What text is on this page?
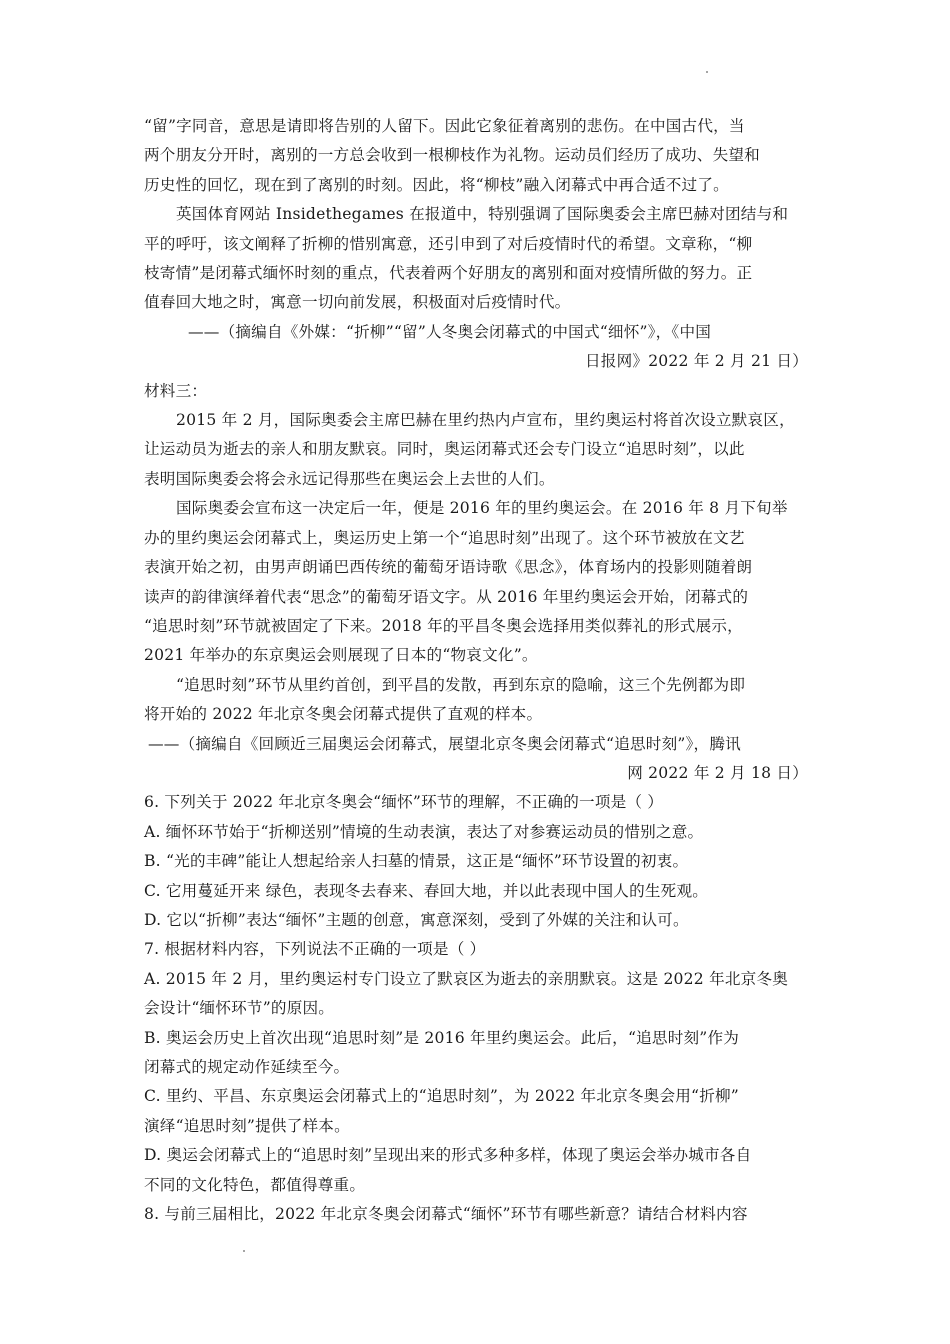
“留”字同音，意思是请即将告别的人留下。因此它象征着离别的悲伤。在中国古代，当
两个朋友分开时，离别的一方总会收到一根柳枝作为礼物。运动员们经历了成功、失望和
历史性的回忆，现在到了离别的时刻。因此，将“柳枝”融入闭幕式中再合适不过了。
英国体育网站 Insidethegames 在报道中，特别强调了国际奥委会主席巴赫对团结与和
平的呼吁，该文阐释了折柳的惜别寓意，还引申到了对后疫情时代的希望。文章称，“柳
枝寄情”是闭幕式缅怀时刻的重点，代表着两个好朋友的离别和面对疫情所做的努力。正
值春回大地之时，寓意一切向前发展，积极面对后疫情时代。
——（摘编自《外媒：“折柳”“留”人冬奥会闭幕式的中国式“细怀”》，《中国
日报网》2022 年 2 月 21 日）
材料三：
2015 年 2 月，国际奥委会主席巴赫在里约热内卢宣布，里约奥运村将首次设立默哀区，
让运动员为逝去的亲人和朋友默哀。同时，奥运闭幕式还会专门设立“追思时刻”，以此
表明国际奥委会将会永远记得那些在奥运会上去世的人们。
国际奥委会宣布这一决定后一年，便是 2016 年的里约奥运会。在 2016 年 8 月下旬举
办的里约奥运会闭幕式上，奥运历史上第一个“追思时刻”出现了。这个环节被放在文艺
表演开始之初，由男声朗诵巴西传统的葡萄牙语诗歌《思念》，体育场内的投影则随着朗
读声的韵律演绎着代表“思念”的葡萄牙语文字。从 2016 年里约奥运会开始，闭幕式的
“追思时刻”环节就被固定了下来。2018 年的平昌冬奥会选择用类似葬礼的形式展示，
2021 年举办的东京奥运会则展现了日本的“物哀文化”。
“追思时刻”环节从里约首创，到平昌的发散，再到东京的隐喻，这三个先例都为即
将开始的 2022 年北京冬奥会闭幕式提供了直观的样本。
——（摘编自《回顾近三届奥运会闭幕式，展望北京冬奥会闭幕式“追思时刻”》，腾讯
网 2022 年 2 月 18 日）
6. 下列关于 2022 年北京冬奥会“缅怀”环节的理解，不正确的一项是（ ）
A. 缅怀环节始于“折柳送别”情境的生动表演，表达了对参赛运动员的惜别之意。
B. “光的丰碑”能让人想起给亲人扫墓的情景，这正是“缅怀”环节设置的初衷。
C. 它用蔓延开来 绿色，表现冬去春来、春回大地，并以此表现中国人的生死观。
D. 它以“折柳”表达“缅怀”主题的创意，寓意深刻，受到了外媒的关注和认可。
7. 根据材料内容，下列说法不正确的一项是（ ）
A. 2015 年 2 月，里约奥运村专门设立了默哀区为逝去的亲朋默哀。这是 2022 年北京冬奥
会设计“缅怀环节”的原因。
B. 奥运会历史上首次出现“追思时刻”是 2016 年里约奥运会。此后，“追思时刻”作为
闭幕式的规定动作延续至今。
C. 里约、平昌、东京奥运会闭幕式上的“追思时刻”，为 2022 年北京冬奥会用“折柳”
演绎“追思时刻”提供了样本。
D. 奥运会闭幕式上的“追思时刻”呈现出来的形式多种多样，体现了奥运会举办城市各自
不同的文化特色，都值得尊重。
8. 与前三届相比，2022 年北京冬奥会闭幕式“缅怀”环节有哪些新意？请结合材料内容
